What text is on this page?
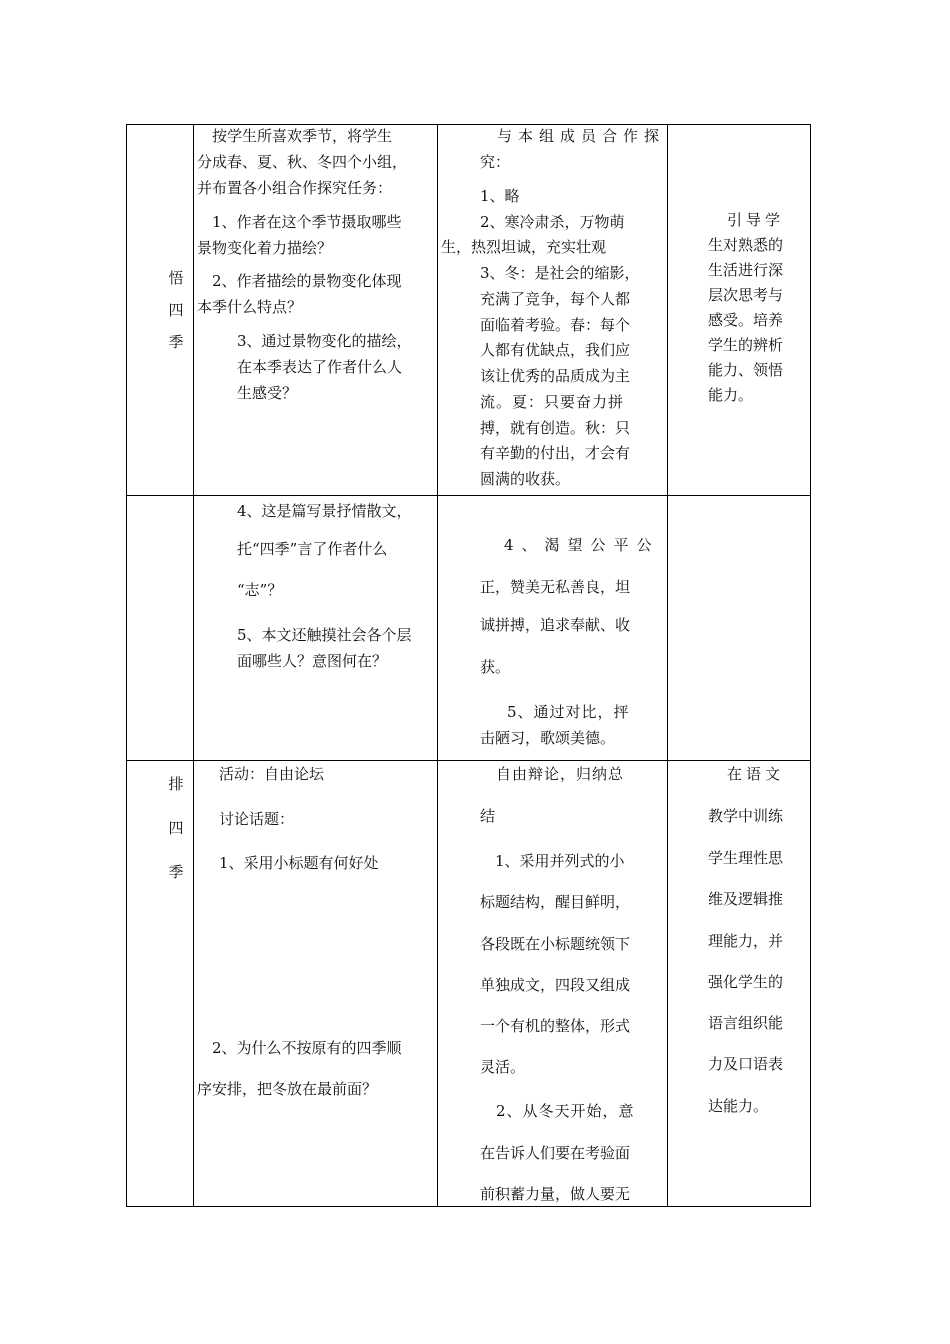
悟
四
季
　按学生所喜欢季节，将学生
分成春、夏、秋、冬四个小组，
并布置各小组合作探究任务：
　1、作者在这个季节摄取哪些
景物变化着力描绘？
　2、作者描绘的景物变化体现
本季什么特点？
3、通过景物变化的描绘，
在本季表达了作者什么人
生感受？
与本组成员合作探
究：
1、略
2、寒冷肃杀，万物萌
生，热烈坦诚，充实壮观
3、冬：是社会的缩影，
充满了竞争，每个人都
面临着考验。春：每个
人都有优缺点，我们应
该让优秀的品质成为主
流。夏：只要奋力拼
搏，就有创造。秋：只
有辛勤的付出，才会有
圆满的收获。
　引导学
生对熟悉的
生活进行深
层次思考与
感受。培养
学生的辨析
能力、领悟
能力。
4、这是篇写景抒情散文，
托“四季”言了作者什么
“志”？
5、本文还触摸社会各个层
面哪些人？意图何在？
　4、渴望公平公
正，赞美无私善良，坦
诚拼搏，追求奉献、收
获。
　5、通过对比，抨
击陋习，歌颂美德。
排
四
季
活动：自由论坛
讨论话题：
1、采用小标题有何好处
　2、为什么不按原有的四季顺
序安排，把冬放在最前面？
　自由辩论，归纳总
结
　1、采用并列式的小
标题结构，醒目鲜明，
各段既在小标题统领下
单独成文，四段又组成
一个有机的整体，形式
灵活。
　2、从冬天开始，意
在告诉人们要在考验面
前积蓄力量，做人要无
　在语文
教学中训练
学生理性思
维及逻辑推
理能力，并
强化学生的
语言组织能
力及口语表
达能力。
